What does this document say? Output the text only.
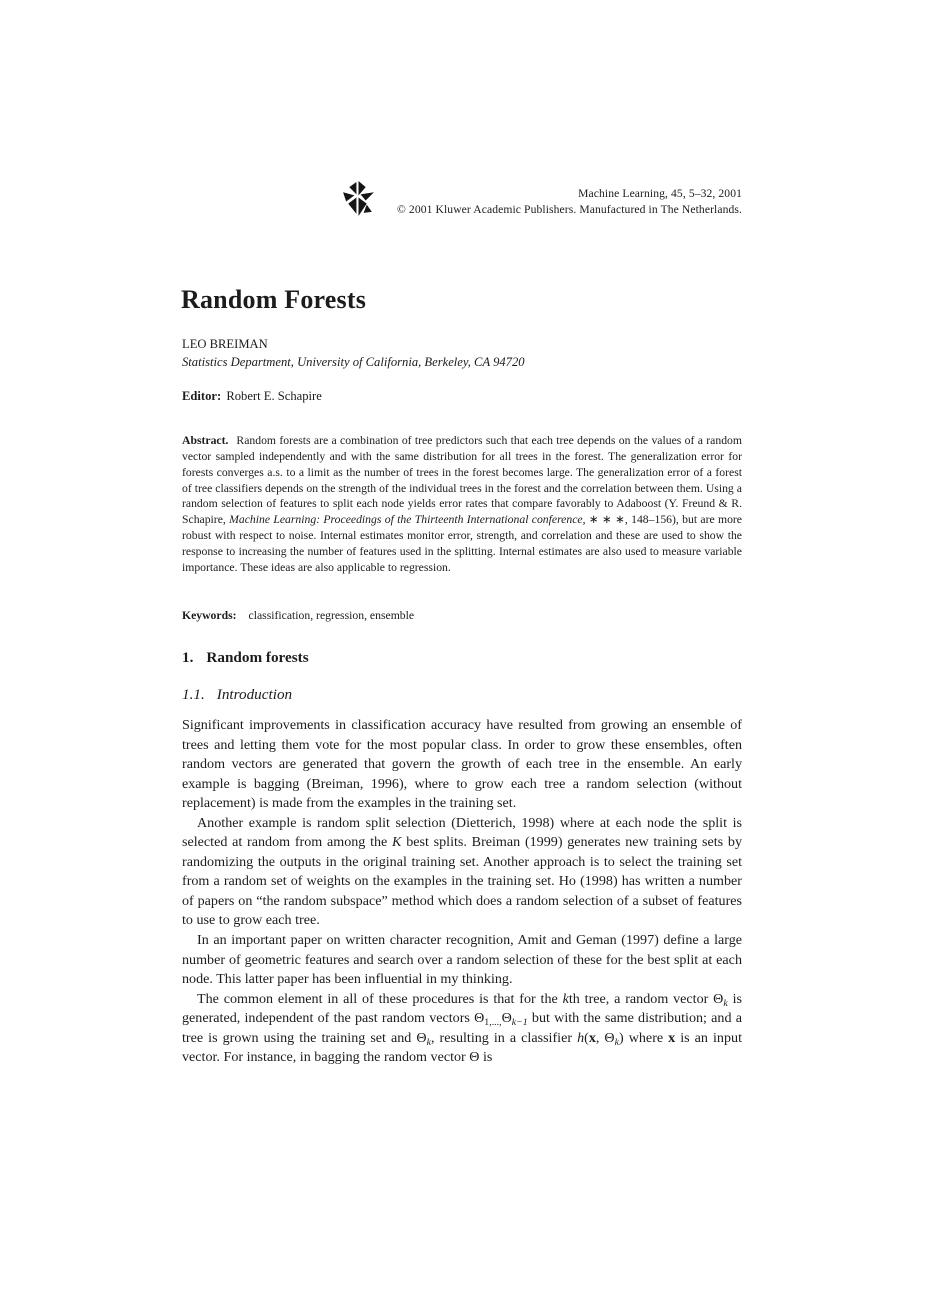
Machine Learning, 45, 5–32, 2001
© 2001 Kluwer Academic Publishers. Manufactured in The Netherlands.
Random Forests
LEO BREIMAN
Statistics Department, University of California, Berkeley, CA 94720
Editor: Robert E. Schapire

Abstract. Random forests are a combination of tree predictors such that each tree depends on the values of a random vector sampled independently and with the same distribution for all trees in the forest. The generalization error for forests converges a.s. to a limit as the number of trees in the forest becomes large. The generalization error of a forest of tree classifiers depends on the strength of the individual trees in the forest and the correlation between them. Using a random selection of features to split each node yields error rates that compare favorably to Adaboost (Y. Freund & R. Schapire, Machine Learning: Proceedings of the Thirteenth International conference, ∗ ∗ ∗, 148–156), but are more robust with respect to noise. Internal estimates monitor error, strength, and correlation and these are used to show the response to increasing the number of features used in the splitting. Internal estimates are also used to measure variable importance. These ideas are also applicable to regression.

Keywords: classification, regression, ensemble

1. Random forests
1.1. Introduction

Significant improvements in classification accuracy have resulted from growing an ensemble of trees and letting them vote for the most popular class. In order to grow these ensembles, often random vectors are generated that govern the growth of each tree in the ensemble. An early example is bagging (Breiman, 1996), where to grow each tree a random selection (without replacement) is made from the examples in the training set.

Another example is random split selection (Dietterich, 1998) where at each node the split is selected at random from among the K best splits. Breiman (1999) generates new training sets by randomizing the outputs in the original training set. Another approach is to select the training set from a random set of weights on the examples in the training set. Ho (1998) has written a number of papers on “the random subspace” method which does a random selection of a subset of features to use to grow each tree.

In an important paper on written character recognition, Amit and Geman (1997) define a large number of geometric features and search over a random selection of these for the best split at each node. This latter paper has been influential in my thinking.

The common element in all of these procedures is that for the kth tree, a random vector $\Theta_k$ is generated, independent of the past random vectors $\Theta_{1,...,}\Theta_{k-1}$ but with the same distribution; and a tree is grown using the training set and $\Theta_k$, resulting in a classifier h(x, $\Theta_k$) where x is an input vector. For instance, in bagging the random vector Θ is
